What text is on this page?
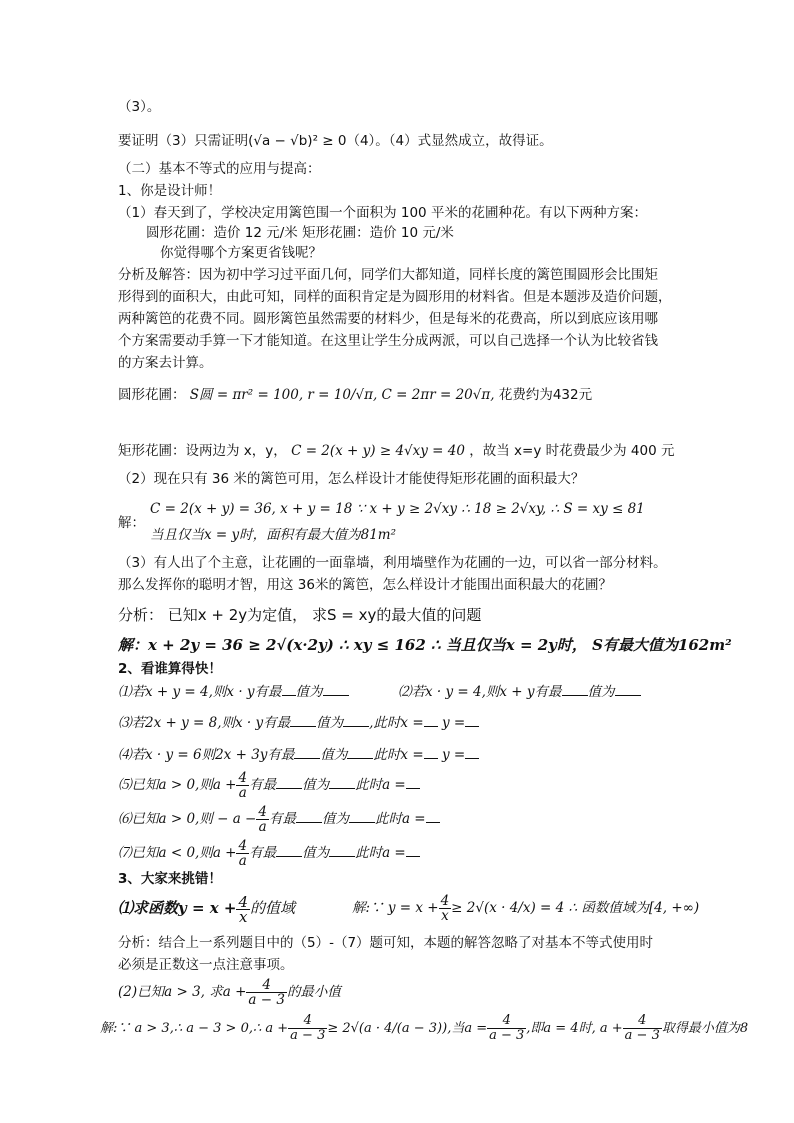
（3）。
要证明（3）只需证明(√a − √b)² ≥ 0（4）。（4）式显然成立，故得证。
（二）基本不等式的应用与提高：
1、你是设计师！
（1）春天到了，学校决定用篱笆围一个面积为 100 平米的花圃种花。有以下两种方案：
圆形花圃：造价 12 元/米 矩形花圃：造价 10 元/米
你觉得哪个方案更省钱呢？
分析及解答：因为初中学习过平面几何，同学们大都知道，同样长度的篱笆围圆形会比围矩
形得到的面积大，由此可知，同样的面积肯定是为圆形用的材料省。但是本题涉及造价问题，
两种篱笆的花费不同。圆形篱笆虽然需要的材料少，但是每米的花费高，所以到底应该用哪
个方案需要动手算一下才能知道。在这里让学生分成两派，可以自己选择一个认为比较省钱
的方案去计算。
圆形花圃： S圆 = πr² = 100, r = 10/√π, C = 2πr = 20√π, 花费约为432元
矩形花圃：设两边为 x，y， C = 2(x + y) ≥ 4√xy = 40 ，故当 x=y 时花费最少为 400 元
（2）现在只有 36 米的篱笆可用，怎么样设计才能使得矩形花圃的面积最大？
C = 2(x + y) = 36, x + y = 18 ∵ x + y ≥ 2√xy ∴ 18 ≥ 2√xy, ∴ S = xy ≤ 81
解：
当且仅当x = y时，面积有最大值为81m²
（3）有人出了个主意，让花圃的一面靠墙，利用墙壁作为花圃的一边，可以省一部分材料。
那么发挥你的聪明才智，用这 36米的篱笆，怎么样设计才能围出面积最大的花圃？
分析： 已知x + 2y为定值， 求S = xy的最大值的问题
解：x + 2y = 36 ≥ 2√(x·2y) ∴ xy ≤ 162 ∴ 当且仅当x = 2y时， S有最大值为162m²
2、看谁算得快！
⑴若x + y = 4,则x · y有最 值为	⑵若x · y = 4,则x + y有最 值为
⑶若2x + y = 8,则x · y有最 值为 ,此时x = y =
⑷若x · y = 6则2x + 3y有最 值为 此时x = y =
⑸已知a > 0,则$a + \frac{4}{a}$ 有最 值为 此时a =
⑹已知a > 0,则 − $a - \frac{4}{a}$ 有最 值为 此时a =
⑺已知a < 0,则$a + \frac{4}{a}$ 有最 值为 此时a =
3、大家来挑错！
⑴求函数$y = x + \frac{4}{x}$ 的值域	解:∵ $y = x + \frac{4}{x} \ge 2√(x \cdot 4/x) = 4$ ∴ 函数值域为[4, +∞)
分析：结合上一系列题目中的（5）-（7）题可知，本题的解答忽略了对基本不等式使用时
必须是正数这一点注意事项。
(2)已知a > 3, 求$a + \frac{4}{a - 3}$ 的最小值
解:∵ a > 3,∴ a − 3 > 0,∴ $a + \frac{4}{a - 3} \ge 2√(a \cdot 4/(a - 3))$,当$a = \frac{4}{a - 3}$ ,即a = 4时, $a + \frac{4}{a - 3}$ 取得最小值为8
